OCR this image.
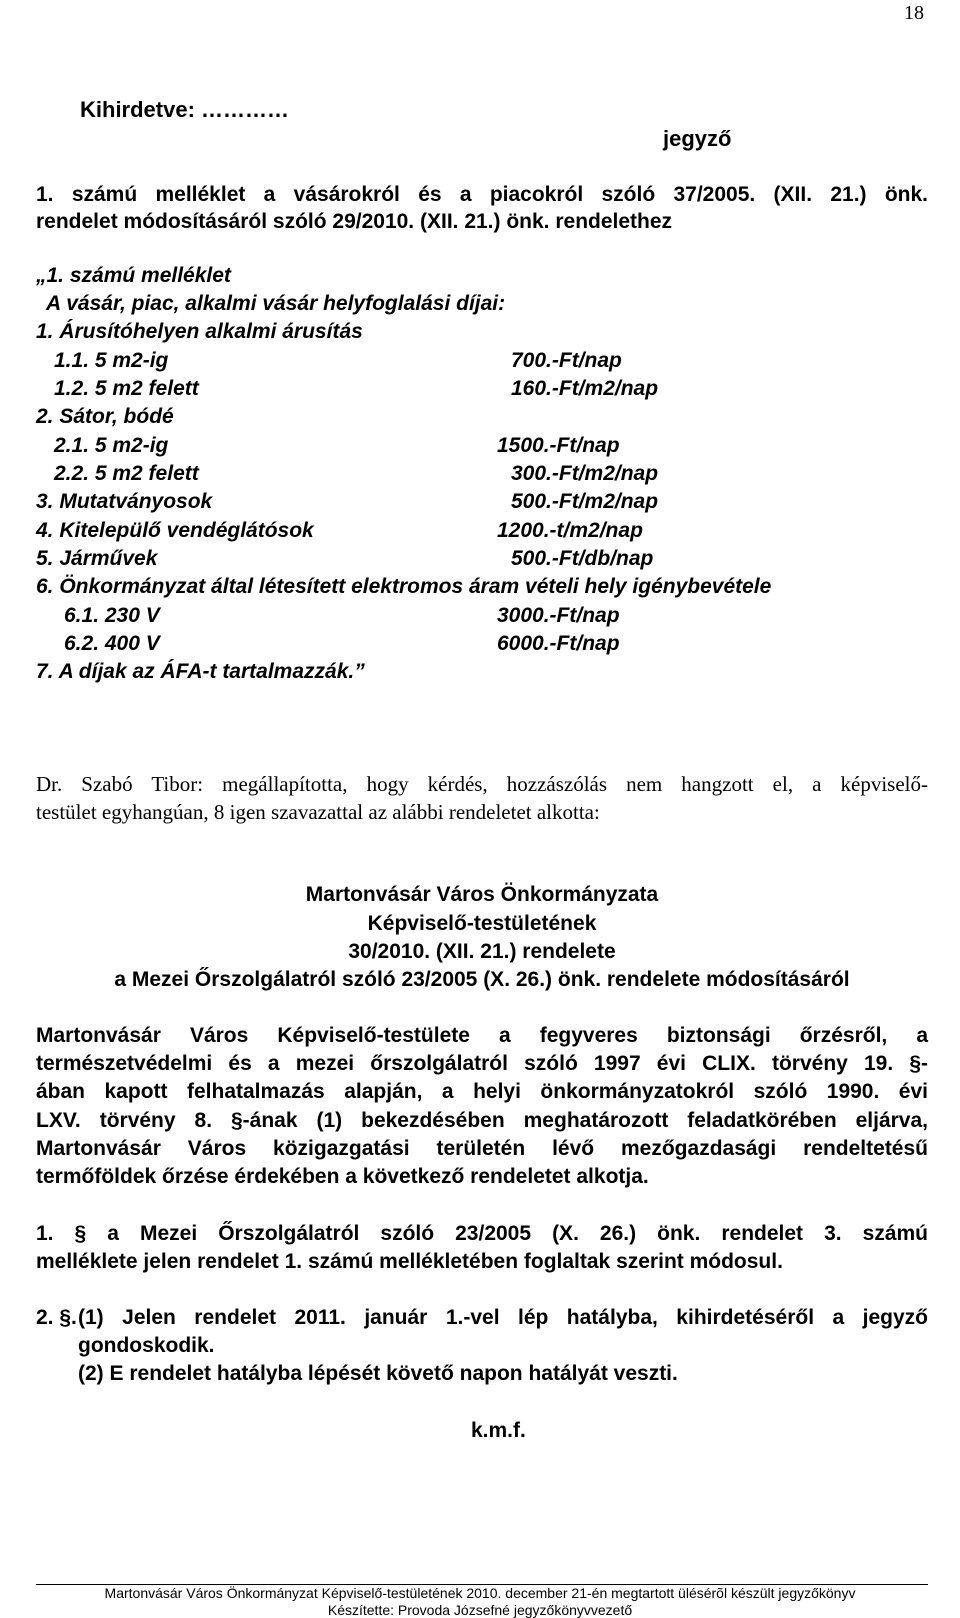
18
Kihirdetve: …………
jegyző
1. számú melléklet a vásárokról és a piacokról szóló 37/2005. (XII. 21.) önk.
rendelet módosításáról szóló 29/2010. (XII. 21.) önk. rendelethez
„1. számú melléklet
A vásár, piac, alkalmi vásár helyfoglalási díjai:
1. Árusítóhelyen alkalmi árusítás
1.1. 5 m2-ig	700.-Ft/nap
1.2. 5 m2 felett	160.-Ft/m2/nap
2. Sátor, bódé
2.1. 5 m2-ig	1500.-Ft/nap
2.2. 5 m2 felett	300.-Ft/m2/nap
3. Mutatványosok	500.-Ft/m2/nap
4. Kitelepülő vendéglátósok	1200.-t/m2/nap
5. Járművek	500.-Ft/db/nap
6. Önkormányzat által létesített elektromos áram vételi hely igénybevétele
6.1. 230 V	3000.-Ft/nap
6.2. 400 V	6000.-Ft/nap
7. A díjak az ÁFA-t tartalmazzák.”
Dr. Szabó Tibor: megállapította, hogy kérdés, hozzászólás nem hangzott el, a képviselő-
testület egyhangúan, 8 igen szavazattal az alábbi rendeletet alkotta:
Martonvásár Város Önkormányzata
Képviselő-testületének
30/2010. (XII. 21.) rendelete
a Mezei Őrszolgálatról szóló 23/2005 (X. 26.) önk. rendelete módosításáról
Martonvásár Város Képviselő-testülete a fegyveres biztonsági őrzésről, a
természetvédelmi és a mezei őrszolgálatról szóló 1997 évi CLIX. törvény 19. §-
ában kapott felhatalmazás alapján, a helyi önkormányzatokról szóló 1990. évi
LXV. törvény 8. §-ának (1) bekezdésében meghatározott feladatkörében eljárva,
Martonvásár Város közigazgatási területén lévő mezőgazdasági rendeltetésű
termőföldek őrzése érdekében a következő rendeletet alkotja.
1. § a Mezei Őrszolgálatról szóló 23/2005 (X. 26.) önk. rendelet 3. számú
melléklete jelen rendelet 1. számú mellékletében foglaltak szerint módosul.
2. §. (1) Jelen rendelet 2011. január 1.-vel lép hatályba, kihirdetéséről a jegyző
gondoskodik.
(2) E rendelet hatálybа lépését követő napon hatályát veszti.
k.m.f.
Martonvásár Város Önkormányzat Képviselő-testületének 2010. december 21-én megtartott ülésérõl készült jegyzőkönyv
Készítette: Provoda Józsefné jegyzőkönyvvezető
